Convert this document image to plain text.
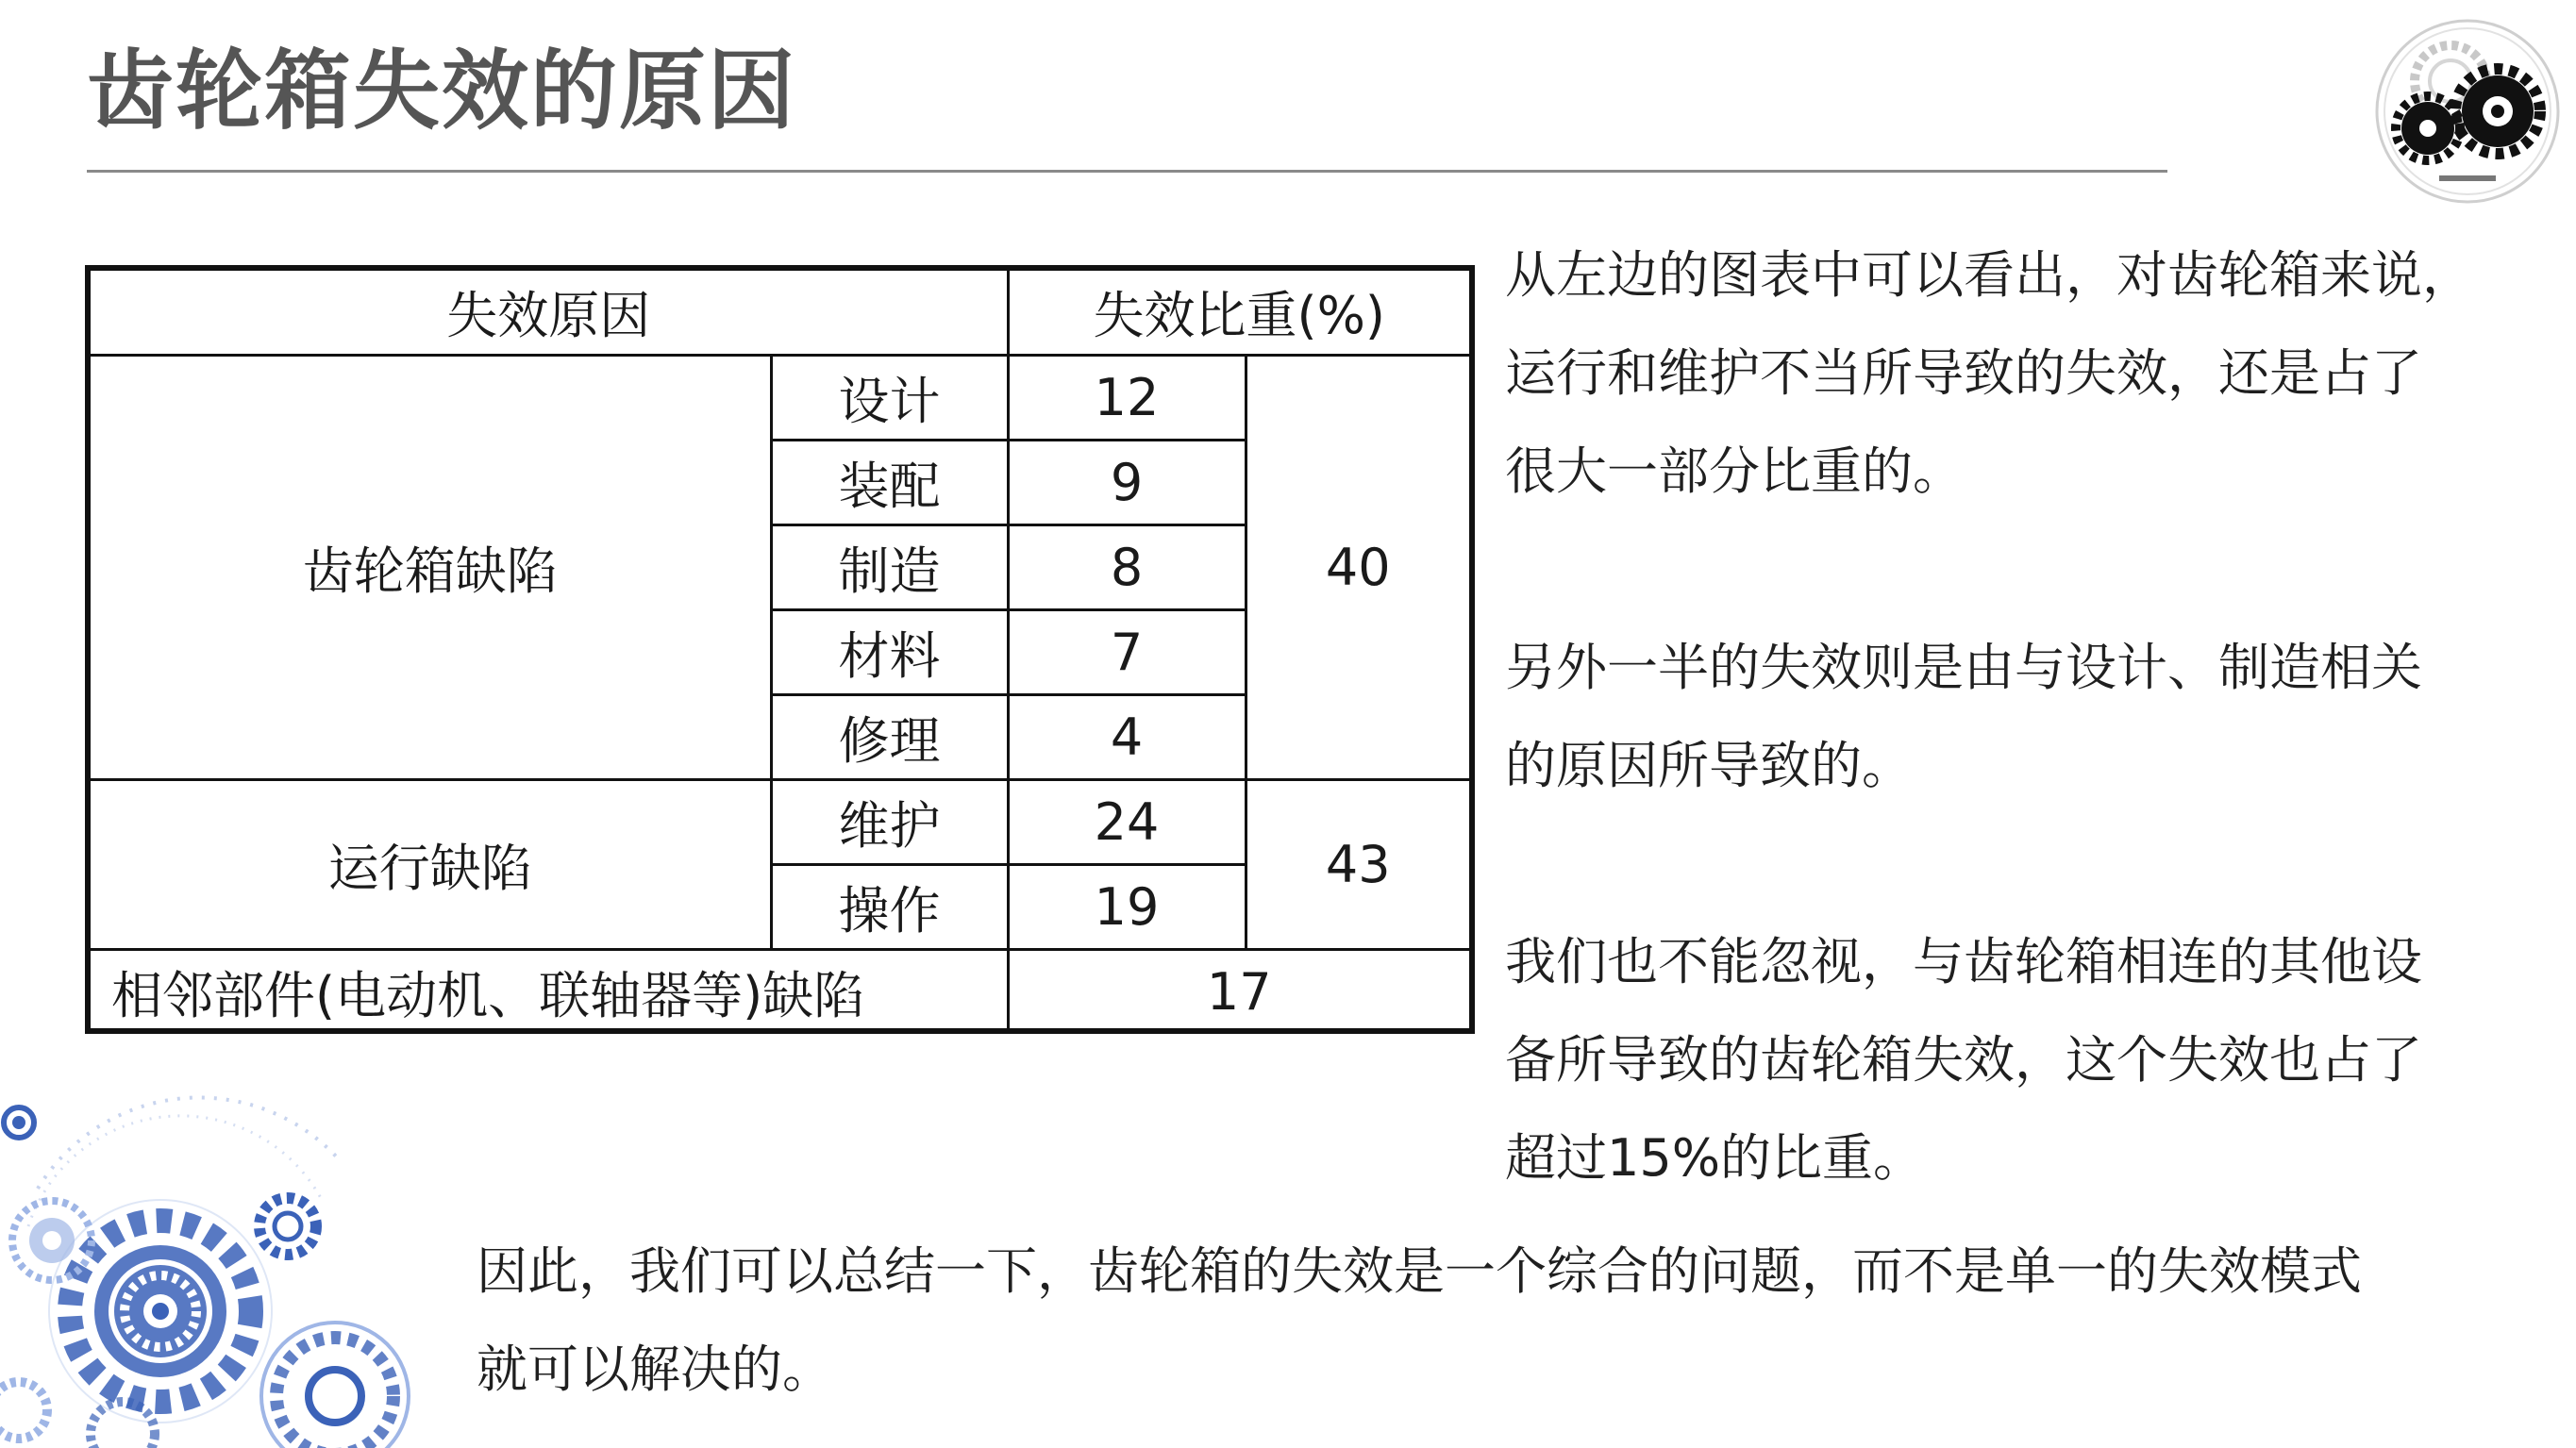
齿轮箱失效的原因
失效原因		失效比重(%)	
齿轮箱缺陷	设计	12	40
	装配	9	
	制造	8	
	材料	7	
	修理	4	
运行缺陷	维护	24	43
	操作	19	
相邻部件(电动机、联轴器等)缺陷		17	
从左边的图表中可以看出，对齿轮箱来说，
运行和维护不当所导致的失效，还是占了
很大一部分比重的。
另外一半的失效则是由与设计、制造相关
的原因所导致的。
我们也不能忽视，与齿轮箱相连的其他设
备所导致的齿轮箱失效，这个失效也占了
超过15%的比重。
因此，我们可以总结一下，齿轮箱的失效是一个综合的问题，而不是单一的失效模式
就可以解决的。
